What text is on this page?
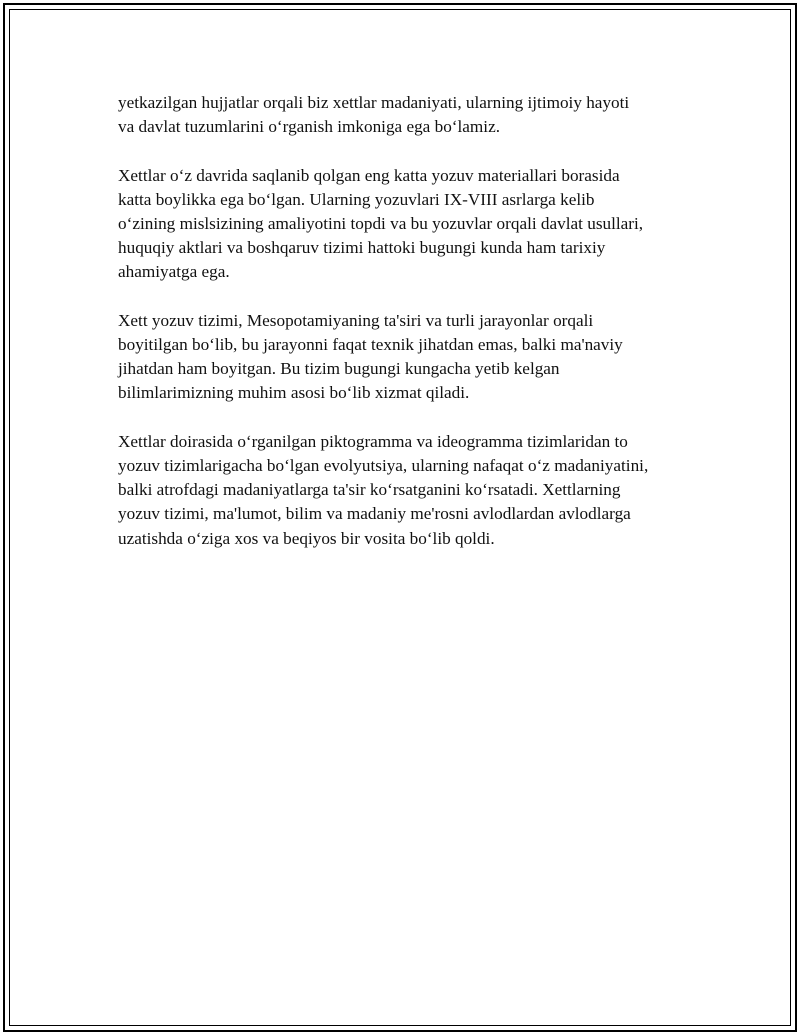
yetkazilgan hujjatlar orqali biz xettlar madaniyati, ularning ijtimoiy hayoti
va davlat tuzumlarini oʻrganish imkoniga ega boʻlamiz.

Xettlar oʻz davrida saqlanib qolgan eng katta yozuv materiallari borasida
katta boylikka ega boʻlgan. Ularning yozuvlari IX-VIII asrlarga kelib
oʻzining mislsizining amaliyotini topdi va bu yozuvlar orqali davlat usullari,
huquqiy aktlari va boshqaruv tizimi hattoki bugungi kunda ham tarixiy
ahamiyatga ega.

Xett yozuv tizimi, Mesopotamiyaning ta'siri va turli jarayonlar orqali
boyitilgan boʻlib, bu jarayonni faqat texnik jihatdan emas, balki ma'naviy
jihatdan ham boyitgan. Bu tizim bugungi kungacha yetib kelgan
bilimlarimizning muhim asosi boʻlib xizmat qiladi.

Xettlar doirasida oʻrganilgan piktogramma va ideogramma tizimlaridan to
yozuv tizimlarigacha boʻlgan evolyutsiya, ularning nafaqat oʻz madaniyatini,
balki atrofdagi madaniyatlarga ta'sir koʻrsatganini koʻrsatadi. Xettlarning
yozuv tizimi, ma'lumot, bilim va madaniy me'rosni avlodlardan avlodlarga
uzatishda oʻziga xos va beqiyos bir vosita boʻlib qoldi.
